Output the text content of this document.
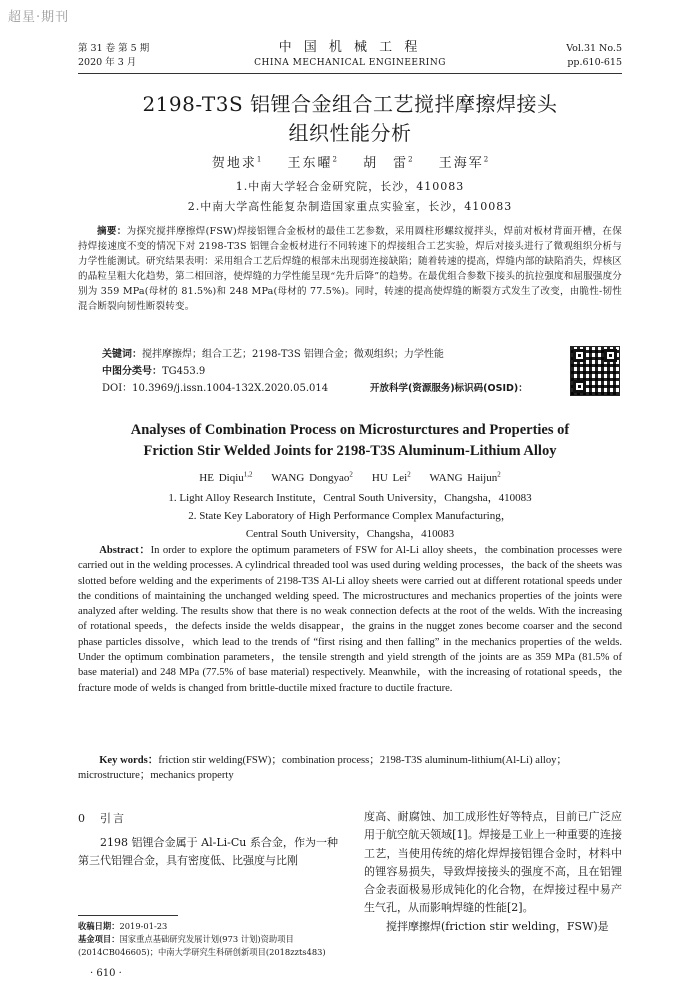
超星·期刊
第 31 卷 第 5 期
2020 年 3 月
中 国 机 械 工 程
CHINA MECHANICAL ENGINEERING
Vol.31 No.5
pp.610-615
2198-T3S 铝锂合金组合工艺搅拌摩擦焊接头
组织性能分析
贺地求$^1$ 王东曜$^2$ 胡　雷$^2$ 王海军$^2$
1.中南大学轻合金研究院，长沙，410083
2.中南大学高性能复杂制造国家重点实验室，长沙，410083
摘要：为探究搅拌摩擦焊(FSW)焊接铝锂合金板材的最佳工艺参数，采用圆柱形螺纹搅拌头，焊前对板材背面开槽，在保持焊接速度不变的情况下对 2198-T3S 铝锂合金板材进行不同转速下的焊接组合工艺实验，焊后对接头进行了微观组织分析与力学性能测试。研究结果表明：采用组合工艺后焊缝的根部未出现弱连接缺陷；随着转速的提高，焊缝内部的缺陷消失，焊核区的晶粒呈粗大化趋势，第二相回溶，使焊缝的力学性能呈现“先升后降”的趋势。在最优组合参数下接头的抗拉强度和屈服强度分别为 359 MPa(母材的 81.5%)和 248 MPa(母材的 77.5%)。同时，转速的提高使焊缝的断裂方式发生了改变，由脆性-韧性混合断裂向韧性断裂转变。
关键词：搅拌摩擦焊；组合工艺；2198-T3S 铝锂合金；微观组织；力学性能
中图分类号：TG453.9
DOI：10.3969/j.issn.1004-132X.2020.05.014	开放科学(资源服务)标识码(OSID)：
Analyses of Combination Process on Microsturctures and Properties of
Friction Stir Welded Joints for 2198-T3S Aluminum-Lithium Alloy
HE Diqiu$^{1,2}$ WANG Dongyao$^2$ HU Lei$^2$ WANG Haijun$^2$
1. Light Alloy Research Institute，Central South University，Changsha，410083
2. State Key Laboratory of High Performance Complex Manufacturing，
Central South University，Changsha，410083
Abstract：In order to explore the optimum parameters of FSW for Al-Li alloy sheets，the combination processes were carried out in the welding processes. A cylindrical threaded tool was used during welding processes，the back of the sheets was slotted before welding and the experiments of 2198-T3S Al-Li alloy sheets were carried out at different rotational speeds under the conditions of maintaining the unchanged welding speed. The microstructures and mechanics properties of the joints were analyzed after welding. The results show that there is no weak connection defects at the root of the welds. With the increasing of rotational speeds，the defects inside the welds disappear，the grains in the nugget zones become coarser and the second phase particles dissolve，which lead to the trends of “first rising and then falling” in the mechanics properties of the welds. Under the optimum combination parameters，the tensile strength and yield strength of the joints are as 359 MPa (81.5% of base material) and 248 MPa (77.5% of base material) respectively. Meanwhile，with the increasing of rotational speeds，the fracture mode of welds is changed from brittle-ductile mixed fracture to ductile fracture.
Key words：friction stir welding(FSW)；combination process；2198-T3S aluminum-lithium(Al-Li) alloy；microstructure；mechanics property
0　引言

2198 铝锂合金属于 Al-Li-Cu 系合金，作为一种第三代铝锂合金，具有密度低、比强度与比刚

度高、耐腐蚀、加工成形性好等特点，目前已广泛应用于航空航天领域[1]。焊接是工业上一种重要的连接工艺，当使用传统的熔化焊焊接铝锂合金时，材料中的锂容易损失，导致焊接接头的强度不高，且在铝锂合金表面极易形成钝化的化合物，在焊接过程中易产生气孔，从而影响焊缝的性能[2]。

搅拌摩擦焊(friction stir welding，FSW)是

收稿日期：2019-01-23
基金项目：国家重点基础研究发展计划(973 计划)资助项目(2014CB046605)；中南大学研究生科研创新项目(2018zzts483)
· 610 ·
